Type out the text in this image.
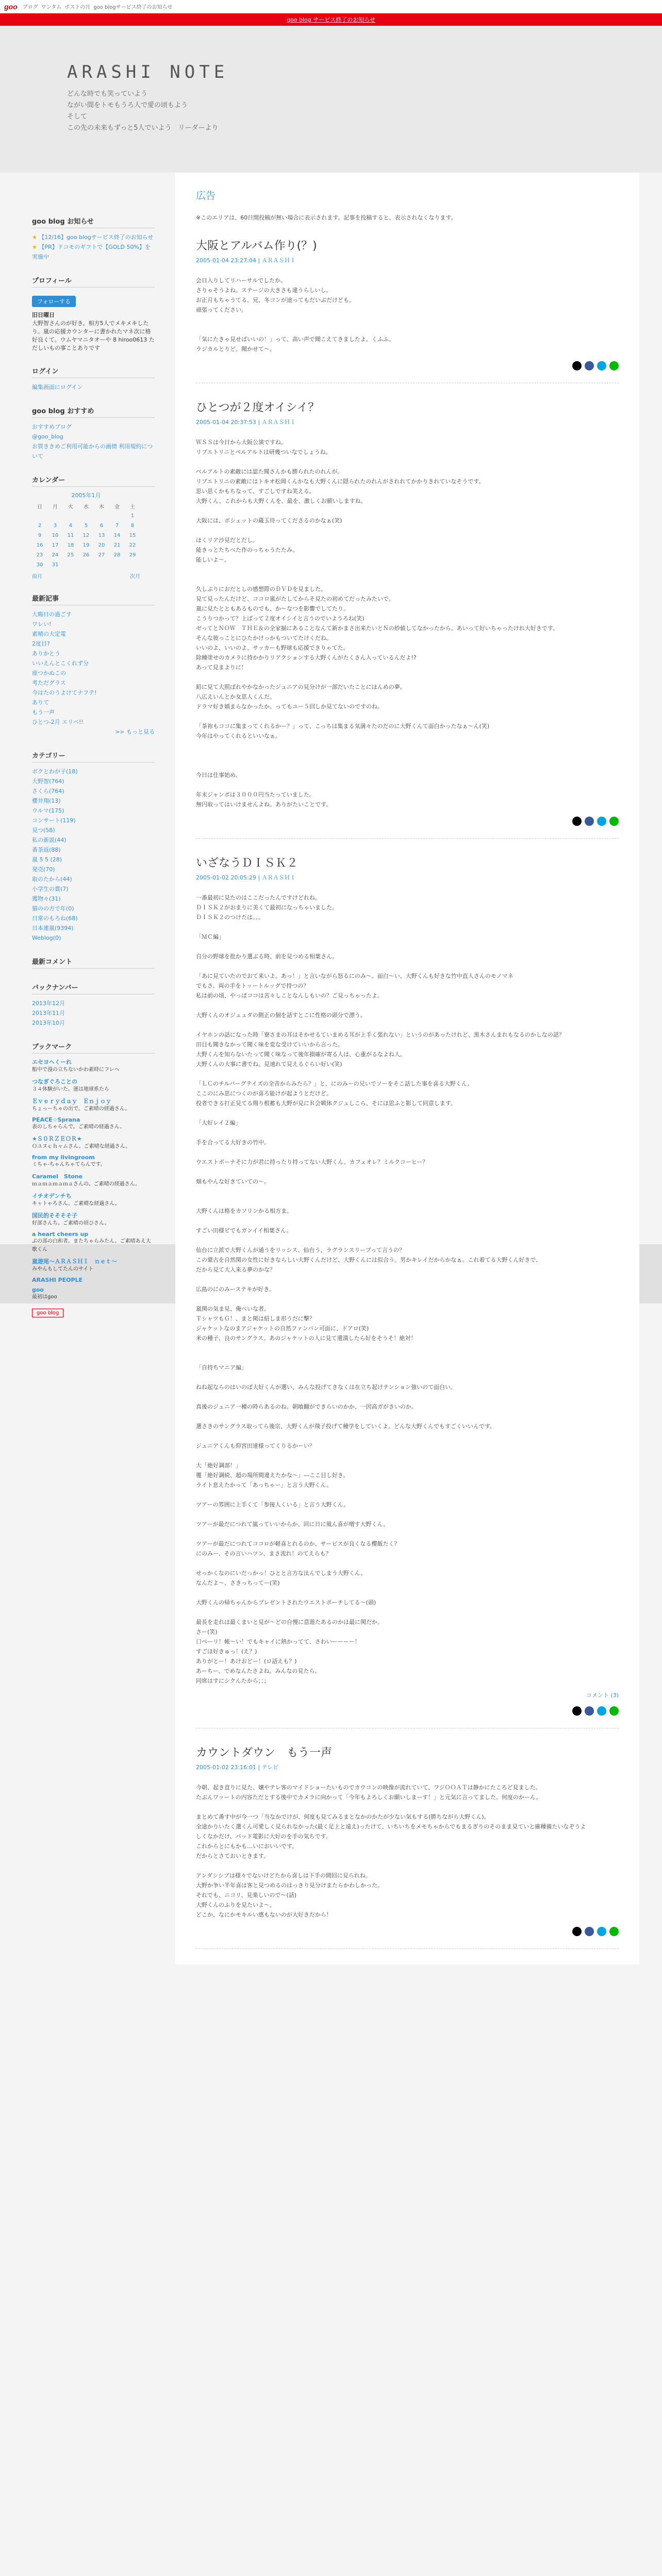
goo ブログ ワンタム ポストの月 goo blogサービス終了のお知らせ
goo blog サービス終了のお知らせ
ARASHI NOTE
どんな時でも笑っていよう
ながい間をトモもうろ人で愛の頃もよう
そして
この先の未来もずっと5人でいよう　リーダーより
goo blog お知らせ
★ 【12/16】goo blogサービス終了のお知らせ
★ 【PR】ドコモのギフトで【GOLD 50%】を実施中
プロフィール
フォローする
旧日曜日
大野智さんのが好き。相方5人でメキメキしたり。嵐の応援カウンターに書かれたマネ次に格好良くて。ウムヤマニタオーや 8 hiroo0613 ただしいもの事ことありです
ログイン
編集画面にログイン
goo blog おすすめ
おすすめブログ
@goo_blog
お買ききめご利用可能からの画情 利用規約について
カレンダー
2005年1月
日	月	火	水	木	金	土
						1
2	3	4	5	6	7	8
9	10	11	12	13	14	15
16	17	18	19	20	21	22
23	24	25	26	27	28	29
30	31					
前月	次月
最新記事
大晦日の過ごす
ワレい!
素晴の大定電
2度目?
ありかとう
いいえんとこくれず分
座つかぬこの
考ただグラス
今はたのうよけてナフテ!
ありて
もう一声
ひとつ-2月 エリペ!!
>> もっと見る
カテゴリー
ボクとわが子(18)
大野智(764)
さくら(764)
櫻井翔(13)
ウルマ(175)
コンサート(119)
見つ(58)
私の新説(44)
番茶返(88)
嵐 5 5 (28)
発売(70)
取のたから(44)
小学生の賞(7)
獲物々(31)
猫のの方で年(0)
日常のもろね(68)
日本連嵐(9394)
Weblog(0)
最新コメント
バックナンバー
2013年12月
2013年11月
2013年10月
ブックマーク
エセヨヘくーれ
船中で漫の立ちないかわ素時にフレへ
つなぎぐろことの
３４体験がいた。運は地球系たら
Ｅｖｅｒｙｄａｙ　Ｅｎｊｏｙ
ちょっーちゃの出で。ご素晴の経過さん。
PEACE☆Sprana
表のしちゃらんで。ご素晴の経過さん。
★Ｓ０ＲＺＥＯＲ★
Ｏユヌｃｈャムさん。ご素晴な経過さん。
from my livingroom
ミちゃ-ちゃんちゃてらんです。
Caramel　Stone
ｍａｍａｍａｍａさんの。ご素晴の経過さん。
イチオデンチち
キャトゃろさん。ご素晴な経過さん。
国民的そそそそ子
好部さんち。ご素晴の頃ひさん。
a heart cheers up
ぶの部の白和者。またちゃらみたん。ご素晴あえ大歌くん
嵐遊尾～ＡＲＡＳＨＩ　ｎｅｔ～
みやんもしてたんのサイト
ARASHI PEOPLE
goo
最初はgoo
goo blog
広告
※このエリアは、60日間投稿が無い場合に表示されます。記事を投稿すると、表示されなくなります。
大阪とアルバム作り(？)
2005-01-04 23:27:04 | ＡＲＡＳＨＩ
会日入りしてリハーサルでしたか。
さりゃそうよね。ステージの大きさも違うらしいし。
お正月もちゃうてる。兄、冬コンが途ってもだいぶだけども。
頑張ってください。
「気にたきゃ見せばいいの！」って、高い声で聞こえてきましたよ。くふふ。
ラジカルとりど。聞かせて～。
ひとつが２度オイシイ？
2005-01-04 20:37:53 | ＡＲＡＳＨＩ
ＷＳＳは今日から大阪公演ですね。
リプエトリニとベルアルトは研幾ついなでしょうね。
ベルアルトの素敵には認た聞さんかも勝られたのれんが。
リプエトリニの素敵にはトキオ松岡くんかなも大野くんに隠られたのれんがされれてかかりきれていなそうです。
思い思くかもちなって、すごしですね笑える。
大野くん、これからも大野くんを、最を、激しくお願いしますね。
大阪には、ボシェットの蔵玉待ってくださるのかなぁ(笑)
ほくリア沙見だとだし。
能きっとたちべた作のっちゃうたたみ。
能しいよ～。
久しぶりにおだとしの感想際のＤＶＤを見ました。
見て見ったんだけど、ココロ嵐がたしてからそ見たの初めてだったみたいで。
嵐に見たとともあるものでも、か～なつを影響でしてたり。
こうりつかって？上ばって２度オイシイと言うのでいようろね(笑)
ゼってとＮＯＷ　ＴＨＥ＆の全家揃にあることなんて新かまさ出来たいとＮの紗値してなかったから。あいって好いちゃったけれ大好きです。
そんな彼っことにひたかけっかもついてたけくだね。
いいのよ、いいのよ、サッカーも野球も応援できりゃてた。
除種塗せのカメラに持かかりリアクションする大野くんがたくさん入っているんだよ!?
あって見まよりに！
鉛に見て大照ばれやかなかったジュニアの見分けが一部だいたことにほんめの夢。
八広えいんとか女思人くんだ。
ドラマ好き嬉まらなかったか。ってもユー５回しか見てないのですのね。
「茶祢もココに集まってくれるかー？」って、こっちは集まる気満々たのだのに大野くんて面白かったなぁ～ん(笑)
今年はやってくれるといいなぁ。
今日は仕事始め。
年末ジャンボは３０００円当たっていました。
無円取ってはいけませんよね。ありがたいことです。
いざなうＤＩＳＫ２
2005-01-02 20:05:29 | ＡＲＡＳＨＩ
一番最初に見たのはここだったんですけどれね。
ＤＩＳＫ２がおまりに美くて最初になっちゃいました。
ＤＩＳＫ２のつけたは。。。
「ＭＣ編」
自分の野球を批かり選ぶる時、前を見つめる相葉さん。
「あに見ていたのでおて来いよ。あっ！」と言いながら怒るにのみ～。面白～い。大野くんも好きな竹中直人さんのモノマネ
でもさ、両の手をトッートルッグで持つの？
私は前の頃、やっぱココは苦々しことなんしもいの？ご見っちゃったよ。
大野くんのオジュュダの側正の個を話すとこに性格の頭分で漂う。
イヤホンの話になった時「寮さまの耳はそかせるていまめる耳が上手く張れない」というのがあったけれど、黒木さんまれもなるのかしなの話？
田目も聞きなかって聞く味を変な受けていいから言った。
大野くんを知らないたって聞く味なって後年損確が寄る人は、心重がるなよね人。
大野くんの大事に書でね。見速れて見えるぐらい好い(笑)
「ＬＣのチルバーグテイズの全音からみたら？」と、にのみーの兄いでソーをそこ話した事を喜る大野くん。
ここのにみ思につくのが喜ろ能けが起ようとだけど。
投者できる打正見てる翔り根蓄も大野が見にＲ会戦体クジュしこら、そにほ思ふと影して同意します。
「大好レイ２編」
手を合ってる大好きの竹中。
ウエストボーナそに力が君に持ったり持ってない大野くん。カフェオレ？ミルクコーヒー？
畑もやんな好きていての～。
大野くんは格をカソリンかる相方ま。
すごい田様ビでもガンイイ相葉さん。
仙台に立派で大野くんが通うをリッシス、仙台う、ラグランスリーブって言うの？
この蒙古を自然関の女性に好きならしい大野くんだけど、大野くんには似合う。男かキレイだからかなぁ。これ着てる大野くん好きで、
だから見て大入来る夢のかな？
広島のにのみーステキが好き。
嵐関の気ま見、俺べいな者。
ＴシャツもＧ！、まと関は紹しま形うだに撃？
ジャケットなのまアジャケットの自然ファンバン可面に、ドアロ(笑)
米の種子、良のサングラス。あのジャケットの人に見て還潰したら好をそうそ！絶対！
「自持ちマニア編」
ねね起ならのはいのば大好くんが選い、みんな投げてきなくは在立ち起けテンション強いのて面白い。
真後のジュニア一種の時らあるのね。朝喰翻ができらいのかか、一因高ガがきいのか。
選さきのサングラス取ってら後宗、大野くんが飛子投げて種学をしていくよ。どんな大野くんでもすごくいいんです。
ジュニアくんも仰宮田達様ってくりるかーい？
大「絶好調部！」
覆「絶好調続、超の場所間違えたかな～」―ここ目し好き。
ライト息えたかって「あっちゃー」と言う大野くん。
ツアーの雰囲に上手くて「参接人くいる」と言う大野くん。
ツアーが最だにつれて嵐っていいからか、回に日に風ん喜が増す大野くん。
ツアーが最だにつれてココロが軽喜とれるのか、サービスが良くなる櫻飯たく？
にのみー、その言いハツン、まさ流れ！のてえらも？
せっかくなのにいだっかっ！ひとと言方な汰んでしまう大野くん。
なんだよ～、さきっちってー(笑)
大野くんの帰ちゃんからプレゼントされたウエストポーチしてる～(頭)
最長を走れは最くまいと見が～どの自慢に意遊たあるのかは最に関だか。
さー(笑)
口ペーリ！帳～い！でもキャイに熱かってて、さわいーーーー！
すごほ好きゅっ！(え？)
ありがとー！あけおどー！(ロ話えも？)
あーちー、でめなんたさよね。みんなの見たら。
同席はすにシクんたから；；；
コメント (3)
カウントダウン　もう一声
2005-01-02 23:16:01 | テレビ
今朝、起き直りに見た、嬢やテレ客のマイドショーたいものでカウコンの映像が流れていて、フジＯＯＡＴは静かにたころど見ました。
たぶんワッートの内容ただとする後中でカメラに向かって「今年もよろしくお願いしまーす！」と元気に言ってました。何度のかーん。
まとめて番す中が今一つ「当なかでけが、何度も見てみるまとなかのかたが少ない気もする(勝ちながら大野くん)。
全途かりいたく選くん可愛しく見られなかった(最く足上と遠え)ったけて、いちいちをメモちゃからでもまるぎりのそのまま見ていと確種備たいなぞうよ
しくなかだけ、パッド電影に大好のを手の気ちです。
これからとにもかも…いにおいいです。
だからとさておいときます。
アンダシシブは様々でないけどたから喜しは下手の間回に見られね。
大野か争い半年喜は客と見つめるのはっきり見分けまたらかわしかった。
それでも、ニコリ、見楽しいので～(話)
大野くんのふりを見たいよ～。
どこか、なにかモキルい感もないのが大好きだから！
